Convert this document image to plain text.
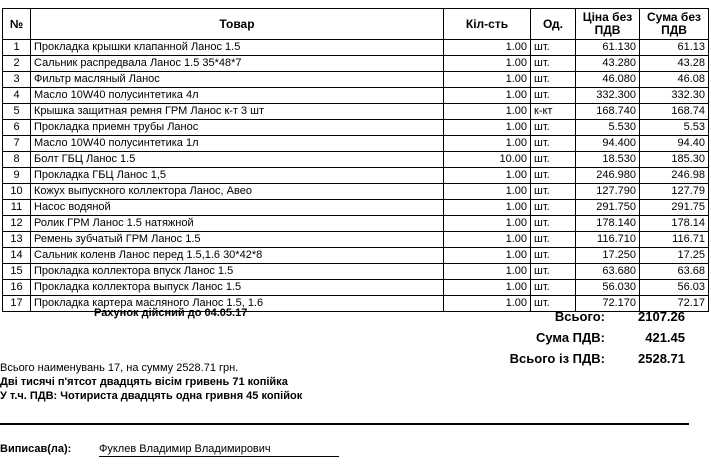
№	Товар	Кіл-сть	Од.	Ціна без ПДВ	Сума без ПДВ
1	Прокладка крышки клапанной Ланос 1.5	1.00	шт.	61.130	61.13
2	Сальник распредвала Ланос 1.5 35*48*7	1.00	шт.	43.280	43.28
3	Фильтр масляный Ланос	1.00	шт.	46.080	46.08
4	Масло 10W40 полусинтетика 4л	1.00	шт.	332.300	332.30
5	Крышка защитная ремня ГРМ Ланос к-т 3 шт	1.00	к-кт	168.740	168.74
6	Прокладка приемн трубы Ланос	1.00	шт.	5.530	5.53
7	Масло 10W40 полусинтетика 1л	1.00	шт.	94.400	94.40
8	Болт ГБЦ Ланос 1.5	10.00	шт.	18.530	185.30
9	Прокладка ГБЦ Ланос 1,5	1.00	шт.	246.980	246.98
10	Кожух выпускного коллектора Ланос, Авео	1.00	шт.	127.790	127.79
11	Насос водяной	1.00	шт.	291.750	291.75
12	Ролик ГРМ Ланос 1.5 натяжной	1.00	шт.	178.140	178.14
13	Ремень зубчатый ГРМ Ланос 1.5	1.00	шт.	116.710	116.71
14	Сальник коленв Ланос перед 1.5,1.6 30*42*8	1.00	шт.	17.250	17.25
15	Прокладка коллектора впуск Ланос 1.5	1.00	шт.	63.680	63.68
16	Прокладка коллектора выпуск Ланос 1.5	1.00	шт.	56.030	56.03
17	Прокладка картера масляного Ланос 1.5, 1.6	1.00	шт.	72.170	72.17
Рахунок дійсний до 04.05.17	Всього:	2107.26
Сума ПДВ:	421.45
Всього із ПДВ:	2528.71
Всього наименувань 17, на сумму 2528.71 грн.
Дві тисячі п'ятсот двадцять вісім гривень 71 копійка
У т.ч. ПДВ: Чотириста двадцять одна гривня 45 копійок
Виписав(ла):	Фуклев Владимир Владимирович
